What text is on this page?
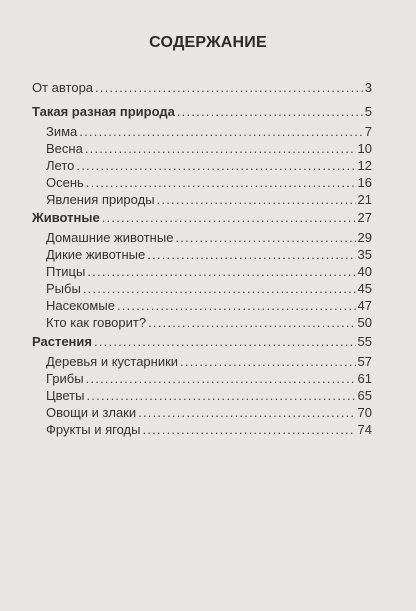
СОДЕРЖАНИЕ
От автора . . .	3
Такая разная природа . . .	5
Зима . . .	7
Весна . . .	10
Лето . . .	12
Осень . . .	16
Явления природы . . .	21
Животные . . .	27
Домашние животные . . .	29
Дикие животные . . .	35
Птицы . . .	40
Рыбы . . .	45
Насекомые . . .	47
Кто как говорит? . . .	50
Растения . . .	55
Деревья и кустарники . . .	57
Грибы . . .	61
Цветы . . .	65
Овощи и злаки . . .	70
Фрукты и ягоды . . .	74
